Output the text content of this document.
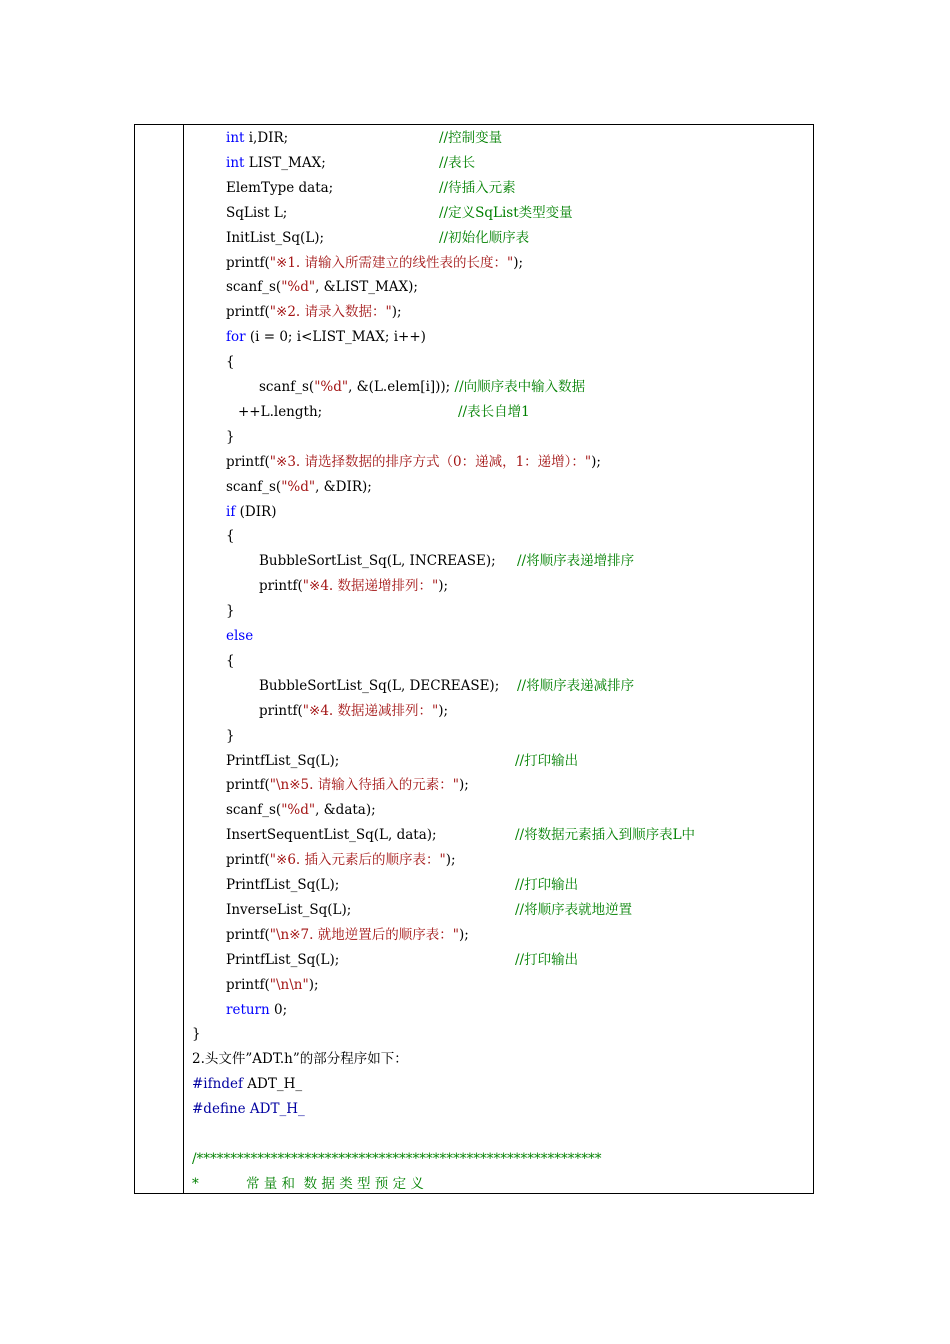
int i,DIR;	//控制变量
int LIST_MAX;	//表长
ElemType data;	//待插入元素
SqList L;	//定义SqList类型变量
InitList_Sq(L);	//初始化顺序表
printf("※1. 请输入所需建立的线性表的长度：");
scanf_s("%d", &LIST_MAX);
printf("※2. 请录入数据：");
for (i = 0; i<LIST_MAX; i++)
{
scanf_s("%d", &(L.elem[i])); //向顺序表中输入数据
++L.length;	//表长自增1
}
printf("※3. 请选择数据的排序方式（0：递减，1：递增）：");
scanf_s("%d", &DIR);
if (DIR)
{
BubbleSortList_Sq(L, INCREASE); //将顺序表递增排序
printf("※4. 数据递增排列：");
}
else
{
BubbleSortList_Sq(L, DECREASE); //将顺序表递减排序
printf("※4. 数据递减排列：");
}
PrintfList_Sq(L);	//打印输出
printf("\n※5. 请输入待插入的元素：");
scanf_s("%d", &data);
InsertSequentList_Sq(L, data);	//将数据元素插入到顺序表L中
printf("※6. 插入元素后的顺序表：");
PrintfList_Sq(L);	//打印输出
InverseList_Sq(L);	//将顺序表就地逆置
printf("\n※7. 就地逆置后的顺序表：");
PrintfList_Sq(L);	//打印输出
printf("\n\n");
return 0;
}
2.头文件”ADT.h”的部分程序如下：
#ifndef ADT_H_
#define ADT_H_
/************************************************************
*           常 量 和  数 据 类 型 预 定 义
